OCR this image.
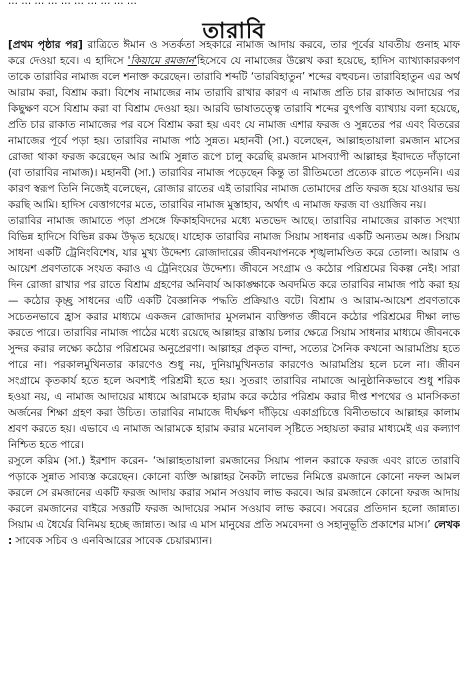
... ... ... ... ... ... ... ... ... ...
তারাবি

[প্রথম পৃষ্ঠার পর] রাত্রিতে ঈমান ও সতর্কতা সহকারে নামাজ আদায় করবে, তার পূর্বের যাবতীয় গুনাহ মাফ করে দেওয়া হবে। এ হাদিসে 'কিয়ামে রমজান'হিসেবে যে নামাজের উল্লেখ করা হয়েছে, হাদিস ব্যাখ্যাকারকগণ তাকে তারাবির নামাজ বলে শনাক্ত করেছেন। তারাবি শব্দটি ‘তারবিহাতুন’ শব্দের বহুবচন। তারাবিহাতুন এর অর্থ আরাম করা, বিশ্রাম করা। বিশেষ নামাজের নাম তারাবি রাখার কারণ এ নামাজ প্রতি চার রাকাত আদায়ের পর কিছুক্ষণ বসে বিশ্রাম করা বা বিশ্রাম দেওয়া হয়। আরবি ভাষাতত্ত্বে তারাবি শব্দের বুৎপত্তি ব্যাখ্যায় বলা হয়েছে, প্রতি চার রাকাত নামাজের পর বসে বিশ্রাম করা হয় এবং যে নামাজ এশার ফরজ ও সুন্নতের পর এবং বিতরের নামাজের পূর্বে পড়া হয়। তারাবির নামাজ পাঠ সুন্নত। মহানবী (সা.) বলেছেন, আল্লাহতায়ালা রমজান মাসের রোজা থাকা ফরজ করেছেন আর আমি সুন্নাত রূপে চালু করেছি রমজান মাসব্যাপী আল্লাহর ইবাদতে দাঁড়ানো (বা তারাবির নামাজ)। মহানবী (সা.) তারাবির নামাজ পড়েছেন কিন্তু তা রীতিমতো প্রত্যেক রাতে পড়েননি। এর কারণ স্বরূপ তিনি নিজেই বলেছেন, রোজার রাতের এই তারাবির নামাজ তোমাদের প্রতি ফরজ হয়ে যাওয়ার ভয় করছি আমি। হাদিস বেত্তাগণের মতে, তারাবির নামাজ মুস্তাহাব, অর্থাৎ এ নামাজ ফরজ বা ওয়াজিব নয়।

তারাবির নামাজ জামাতে পড়া প্রসঙ্গে ফিকাহবিদদের মধ্যে মতভেদ আছে। তারাবির নামাজের রাকাত সংখ্যা বিভিন্ন হাদিসে বিভিন্ন রকম উদ্ধৃত হয়েছে। যাহোক তারাবির নামাজ সিয়াম সাধনার একটি অন্যতম অঙ্গ। সিয়াম সাধনা একটি ট্রেনিংবিশেষ, যার মুখ্য উদ্দেশ্য রোজাদারের জীবনযাপনকে শৃঙ্খলামণ্ডিত করে তোলা। আরাম ও আয়েশ প্রবণতাকে সংযত করাও এ ট্রেনিংয়ের উদ্দেশ্য। জীবনে সংগ্রাম ও কঠোর পরিশ্রমের বিকল্প নেই। সারা দিন রোজা রাখার পর রাতে বিশ্রাম গ্রহণের অনিবার্য আকাঙ্ক্ষাকে অবদমিত করে তারাবির নামাজ পাঠ করা হয়— কঠোর কৃচ্ছ্র সাধনের এটি একটি বৈজ্ঞানিক পদ্ধতি প্রক্রিয়াও বটে। বিশ্রাম ও আরাম-আয়েশ প্রবণতাকে সচেতনভাবে হ্রাস করার মাধ্যমে একজন রোজাদার মুসলমান ব্যক্তিগত জীবনে কঠোর পরিশ্রমের দীক্ষা লাভ করতে পারে। তারাবির নামাজ পাঠের মধ্যে রয়েছে আল্লাহর রাস্তায় চলার ক্ষেত্রে সিয়াম সাধনার মাধ্যমে জীবনকে সুন্দর করার লক্ষ্যে কঠোর পরিশ্রমের অনুপ্রেরণা। আল্লাহর প্রকৃত বান্দা, সত্যের সৈনিক কখনো আরামপ্রিয় হতে পারে না। পরকালমুখিনতার কারণেও শুধু নয়, দুনিয়ামুখিনতার কারণেও আরামপ্রিয় হলে চলে না। জীবন সংগ্রামে কৃতকার্য হতে হলে অবশ্যই পরিশ্রমী হতে হয়। সুতরাং তারাবির নামাজে আনুষ্ঠানিকভাবে শুধু শরিক হওয়া নয়, এ নামাজ আদায়ের মাধ্যমে আরামকে হারাম করে কঠোর পরিশ্রম করার দীপ্ত শপথের ও মানসিকতা অর্জনের শিক্ষা গ্রহণ করা উচিত। তারাবির নামাজে দীর্ঘক্ষণ দাঁড়িয়ে একাগ্রচিত্তে বিনীতভাবে আল্লাহর কালাম শ্রবণ করতে হয়। এভাবে এ নামাজ আরামকে হারাম করার মনোবল সৃষ্টিতে সহায়তা করার মাধ্যমেই এর কল্যাণ নিশ্চিত হতে পারে।

রসুলে করিম (সা.) ইরশাদ করেন- ‘আল্লাহতায়ালা রমজানের সিয়াম পালন করাকে ফরজ এবং রাতে তারাবি পড়াকে সুন্নাত সাব্যস্ত করেছেন। কোনো ব্যক্তি আল্লাহর নৈকট্য লাভের নিমিত্তে রমজানে কোনো নফল আমল করলে সে রমজানের একটি ফরজ আদায় করার সমান সওয়াব লাভ করবে। আর রমজানে কোনো ফরজ আদায় করলে রমজানের বাইরে সত্তরটি ফরজ আদায়ের সমান সওয়াব লাভ করবে। সবরের প্রতিদান হলো জান্নাত। সিয়াম এ ধৈর্যের বিনিময় হচ্ছে জান্নাত। আর এ মাস মানুষের প্রতি সমবেদনা ও সহানুভূতি প্রকাশের মাস।’ লেখক : সাবেক সচিব ও এনবিআরের সাবেক চেয়ারম্যান।
